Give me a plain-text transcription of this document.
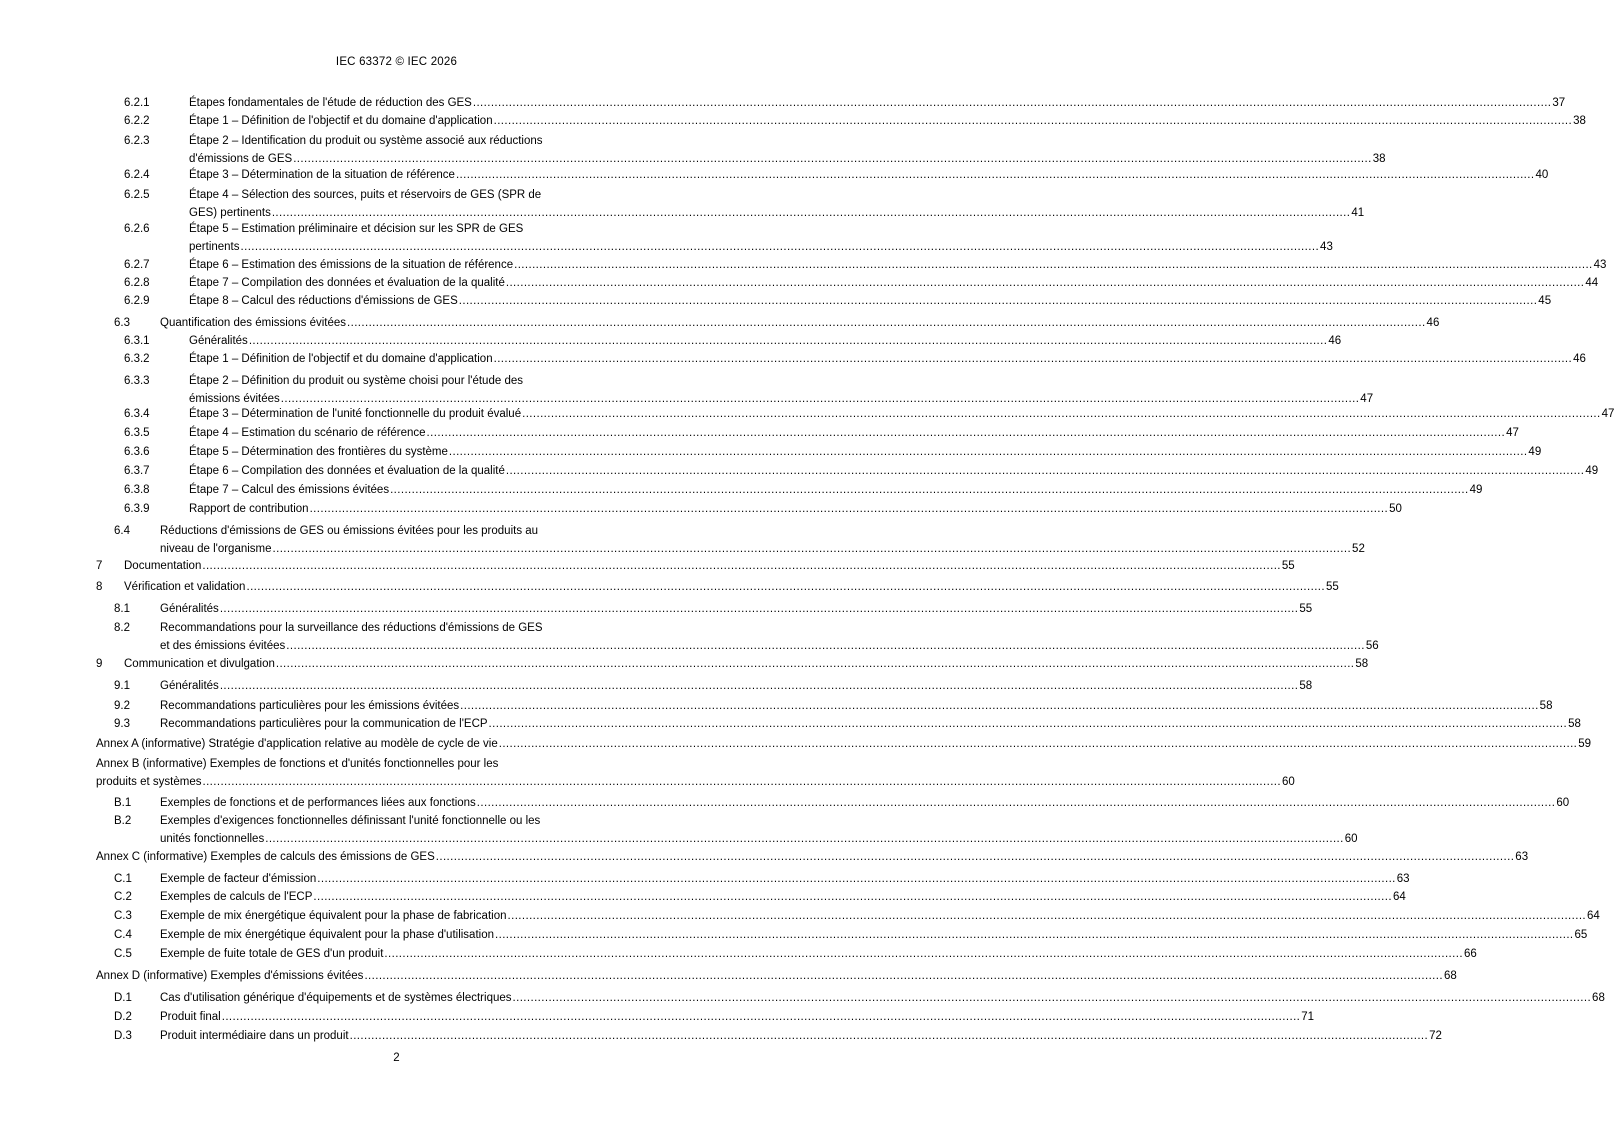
IEC 63372 © IEC 2026
6.2.1	Étapes fondamentales de l'étude de réduction des GES ............................................................................................................................................................................................................................................................................................................ 37
6.2.2	Étape 1 – Définition de l'objectif et du domaine d'application ............................................................................................................................................................................................................................................................................................................ 38
6.2.3	Étape 2 – Identification du produit ou système associé aux réductions
d'émissions de GES ............................................................................................................................................................................................................................................................................................................ 38
6.2.4	Étape 3 – Détermination de la situation de référence ............................................................................................................................................................................................................................................................................................................ 40
6.2.5	Étape 4 – Sélection des sources, puits et réservoirs de GES (SPR de
GES) pertinents ............................................................................................................................................................................................................................................................................................................ 41
6.2.6	Étape 5 – Estimation préliminaire et décision sur les SPR de GES
pertinents ............................................................................................................................................................................................................................................................................................................ 43
6.2.7	Étape 6 – Estimation des émissions de la situation de référence ............................................................................................................................................................................................................................................................................................................ 43
6.2.8	Étape 7 – Compilation des données et évaluation de la qualité ............................................................................................................................................................................................................................................................................................................ 44
6.2.9	Étape 8 – Calcul des réductions d'émissions de GES ............................................................................................................................................................................................................................................................................................................ 45
6.3	Quantification des émissions évitées ............................................................................................................................................................................................................................................................................................................ 46
6.3.1	Généralités ............................................................................................................................................................................................................................................................................................................ 46
6.3.2	Étape 1 – Définition de l'objectif et du domaine d'application ............................................................................................................................................................................................................................................................................................................ 46
6.3.3	Étape 2 – Définition du produit ou système choisi pour l'étude des
émissions évitées ............................................................................................................................................................................................................................................................................................................ 47
6.3.4	Étape 3 – Détermination de l'unité fonctionnelle du produit évalué ............................................................................................................................................................................................................................................................................................................ 47
6.3.5	Étape 4 – Estimation du scénario de référence ............................................................................................................................................................................................................................................................................................................ 47
6.3.6	Étape 5 – Détermination des frontières du système ............................................................................................................................................................................................................................................................................................................ 49
6.3.7	Étape 6 – Compilation des données et évaluation de la qualité ............................................................................................................................................................................................................................................................................................................ 49
6.3.8	Étape 7 – Calcul des émissions évitées ............................................................................................................................................................................................................................................................................................................ 49
6.3.9	Rapport de contribution ............................................................................................................................................................................................................................................................................................................ 50
6.4	Réductions d'émissions de GES ou émissions évitées pour les produits au
niveau de l'organisme ............................................................................................................................................................................................................................................................................................................ 52
7 Documentation ............................................................................................................................................................................................................................................................................................................ 55
8 Vérification et validation ............................................................................................................................................................................................................................................................................................................ 55
8.1	Généralités ............................................................................................................................................................................................................................................................................................................ 55
8.2	Recommandations pour la surveillance des réductions d'émissions de GES
et des émissions évitées ............................................................................................................................................................................................................................................................................................................ 56
9 Communication et divulgation ............................................................................................................................................................................................................................................................................................................ 58
9.1	Généralités ............................................................................................................................................................................................................................................................................................................ 58
9.2	Recommandations particulières pour les émissions évitées ............................................................................................................................................................................................................................................................................................................ 58
9.3	Recommandations particulières pour la communication de l'ECP ............................................................................................................................................................................................................................................................................................................ 58
Annex A (informative) Stratégie d'application relative au modèle de cycle de vie ............................................................................................................................................................................................................................................................................................................ 59
Annex B (informative) Exemples de fonctions et d'unités fonctionnelles pour les
produits et systèmes ............................................................................................................................................................................................................................................................................................................ 60
B.1 Exemples de fonctions et de performances liées aux fonctions ............................................................................................................................................................................................................................................................................................................ 60
B.2 Exemples d'exigences fonctionnelles définissant l'unité fonctionnelle ou les
unités fonctionnelles ............................................................................................................................................................................................................................................................................................................ 60
Annex C (informative) Exemples de calculs des émissions de GES ............................................................................................................................................................................................................................................................................................................ 63
C.1 Exemple de facteur d'émission ............................................................................................................................................................................................................................................................................................................ 63
C.2 Exemples de calculs de l'ECP ............................................................................................................................................................................................................................................................................................................ 64
C.3 Exemple de mix énergétique équivalent pour la phase de fabrication ............................................................................................................................................................................................................................................................................................................ 64
C.4 Exemple de mix énergétique équivalent pour la phase d'utilisation ............................................................................................................................................................................................................................................................................................................ 65
C.5 Exemple de fuite totale de GES d'un produit ............................................................................................................................................................................................................................................................................................................ 66
Annex D (informative) Exemples d'émissions évitées ............................................................................................................................................................................................................................................................................................................ 68
D.1 Cas d'utilisation générique d'équipements et de systèmes électriques ............................................................................................................................................................................................................................................................................................................ 68
D.2 Produit final ............................................................................................................................................................................................................................................................................................................ 71
D.3 Produit intermédiaire dans un produit ............................................................................................................................................................................................................................................................................................................ 72
2
